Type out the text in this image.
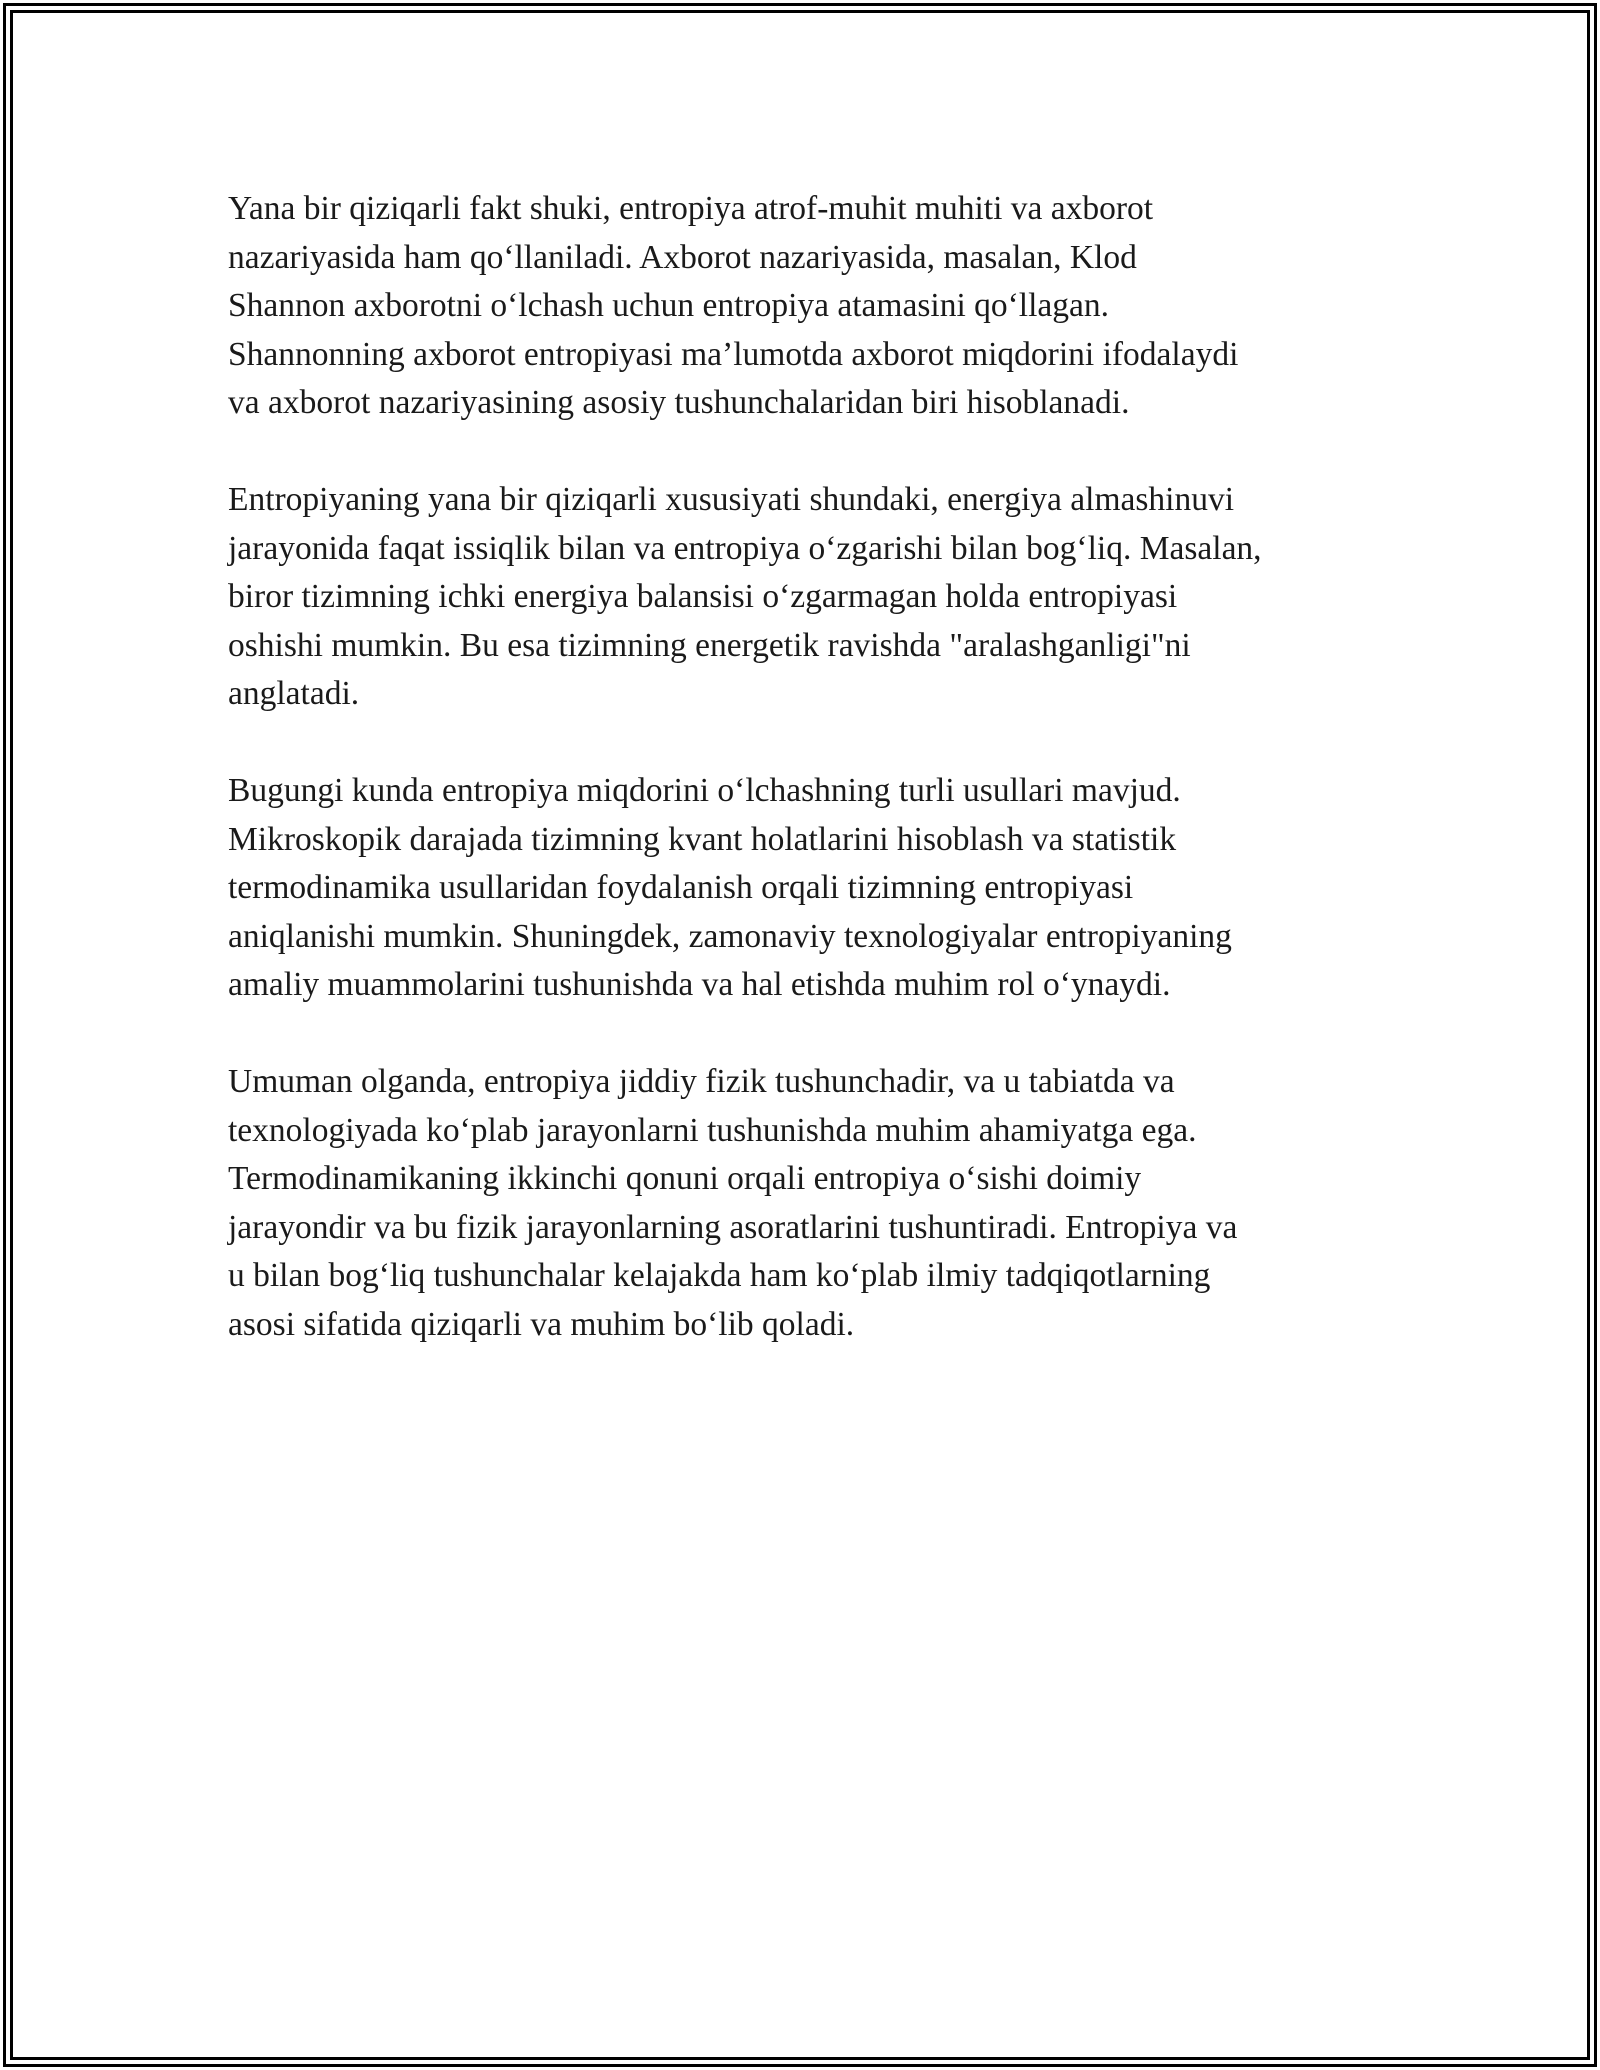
Yana bir qiziqarli fakt shuki, entropiya atrof-muhit muhiti va axborot
nazariyasida ham qo‘llaniladi. Axborot nazariyasida, masalan, Klod
Shannon axborotni o‘lchash uchun entropiya atamasini qo‘llagan.
Shannonning axborot entropiyasi ma’lumotda axborot miqdorini ifodalaydi
va axborot nazariyasining asosiy tushunchalaridan biri hisoblanadi.

Entropiyaning yana bir qiziqarli xususiyati shundaki, energiya almashinuvi
jarayonida faqat issiqlik bilan va entropiya o‘zgarishi bilan bog‘liq. Masalan,
biror tizimning ichki energiya balansisi o‘zgarmagan holda entropiyasi
oshishi mumkin. Bu esa tizimning energetik ravishda "aralashganligi"ni
anglatadi.

Bugungi kunda entropiya miqdorini o‘lchashning turli usullari mavjud.
Mikroskopik darajada tizimning kvant holatlarini hisoblash va statistik
termodinamika usullaridan foydalanish orqali tizimning entropiyasi
aniqlanishi mumkin. Shuningdek, zamonaviy texnologiyalar entropiyaning
amaliy muammolarini tushunishda va hal etishda muhim rol o‘ynaydi.

Umuman olganda, entropiya jiddiy fizik tushunchadir, va u tabiatda va
texnologiyada ko‘plab jarayonlarni tushunishda muhim ahamiyatga ega.
Termodinamikaning ikkinchi qonuni orqali entropiya o‘sishi doimiy
jarayondir va bu fizik jarayonlarning asoratlarini tushuntiradi. Entropiya va
u bilan bog‘liq tushunchalar kelajakda ham ko‘plab ilmiy tadqiqotlarning
asosi sifatida qiziqarli va muhim bo‘lib qoladi.
